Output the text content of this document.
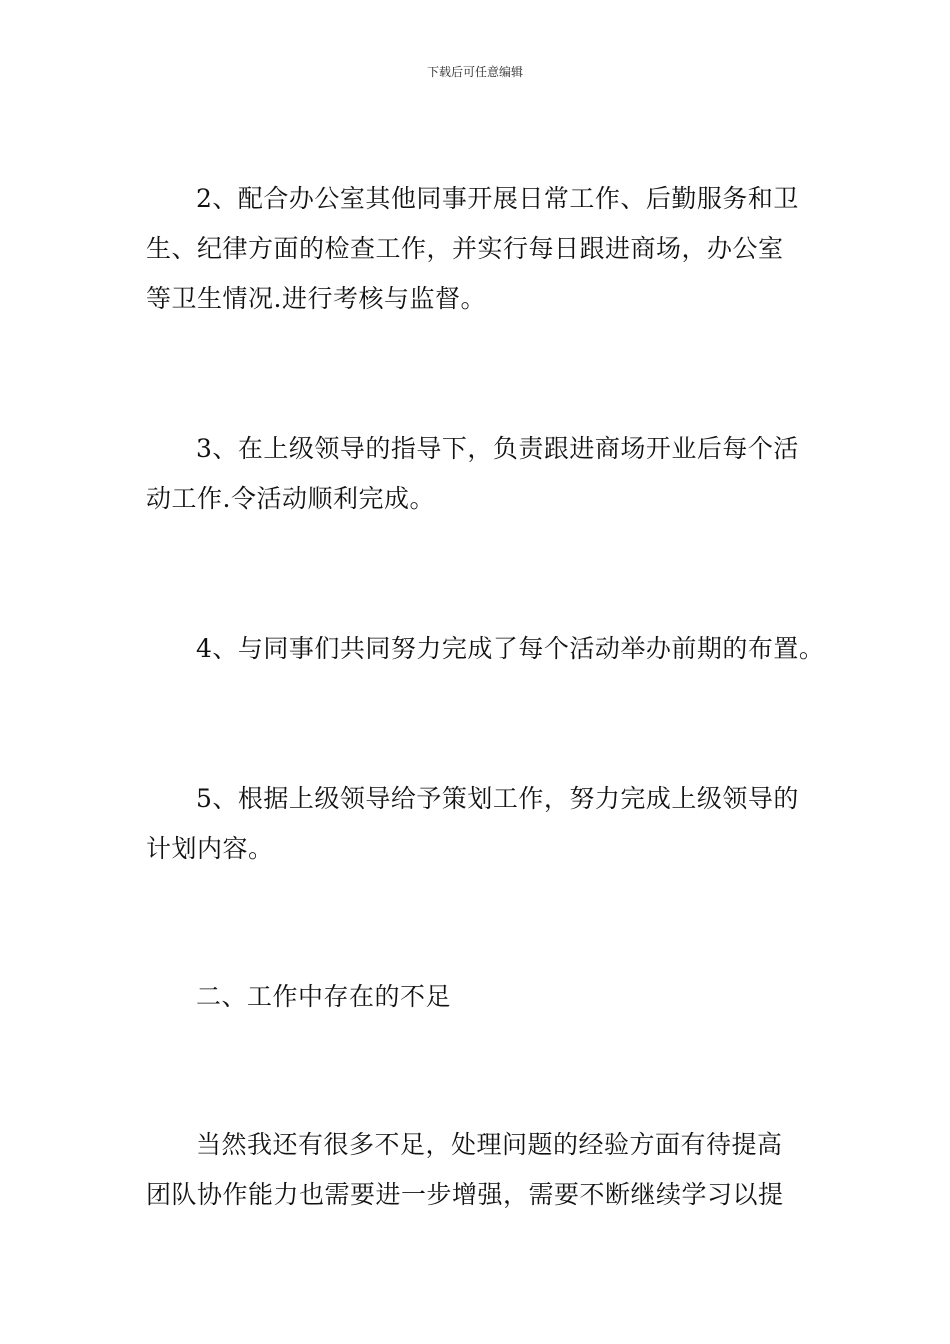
下载后可任意编辑
2、配合办公室其他同事开展日常工作、后勤服务和卫
生、纪律方面的检查工作，并实行每日跟进商场，办公室
等卫生情况.进行考核与监督。
3、在上级领导的指导下，负责跟进商场开业后每个活
动工作.令活动顺利完成。
4、与同事们共同努力完成了每个活动举办前期的布置。
5、根据上级领导给予策划工作，努力完成上级领导的
计划内容。
二、工作中存在的不足
当然我还有很多不足，处理问题的经验方面有待提高
团队协作能力也需要进一步增强，需要不断继续学习以提
